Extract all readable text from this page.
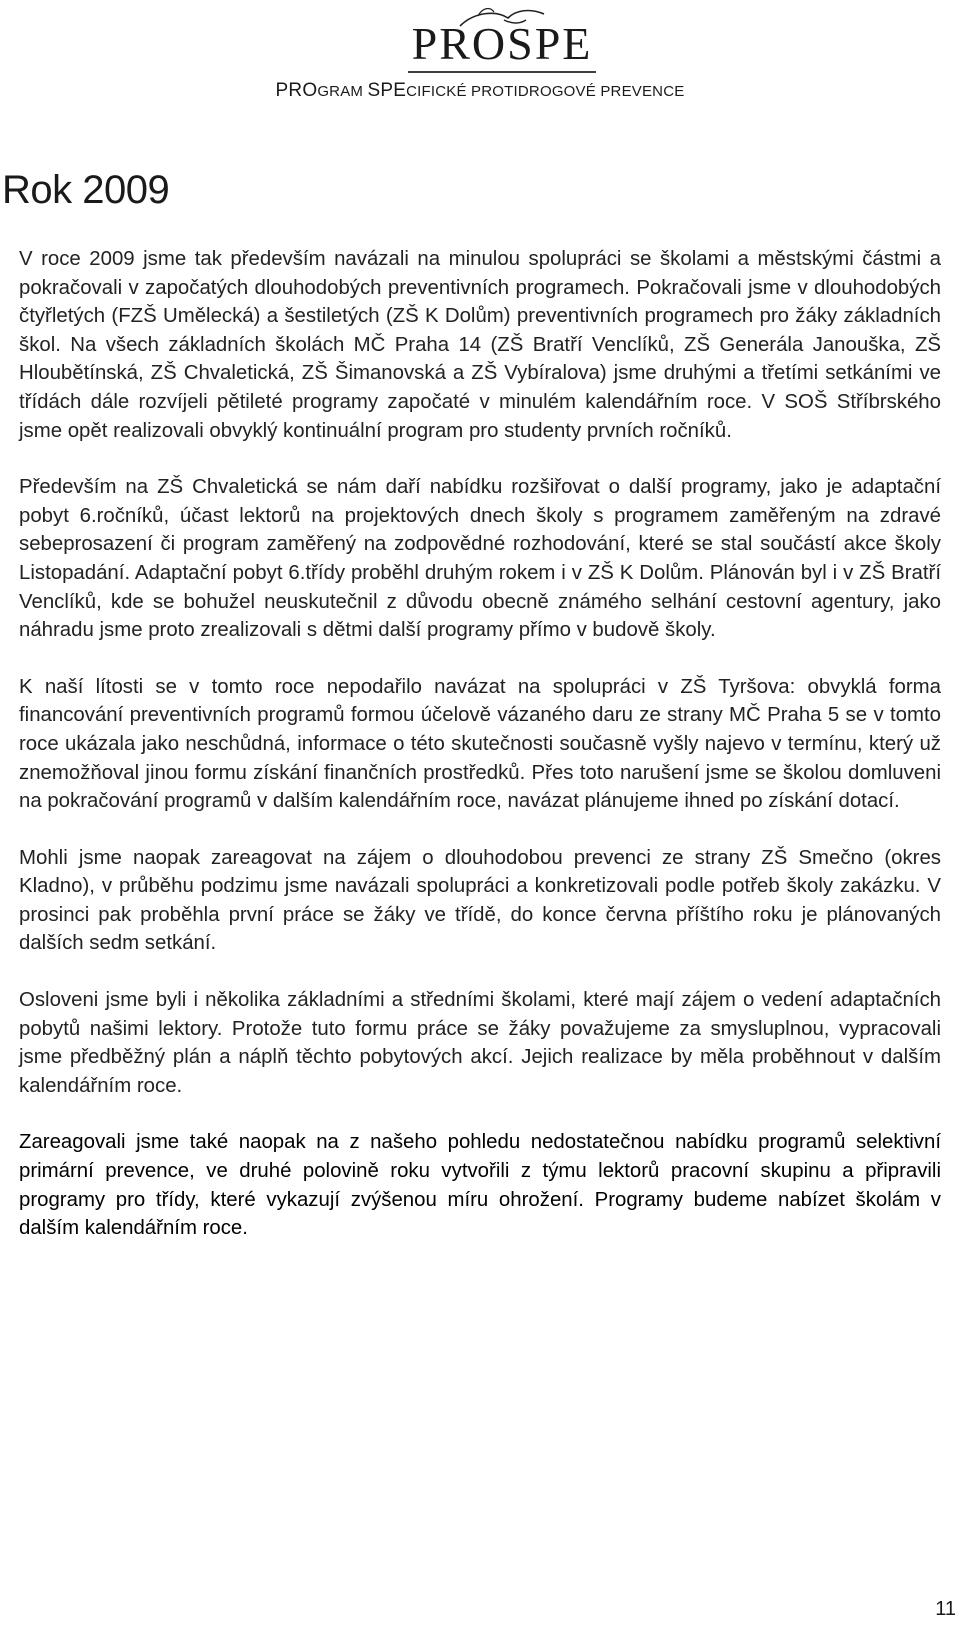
PROSPE
PROGRAM SPECIFICKÉ PROTIDROGOVÉ PREVENCE
Rok 2009

V roce 2009 jsme tak především navázali na minulou spolupráci se školami a městskými částmi a pokračovali v započatých dlouhodobých preventivních programech. Pokračovali jsme v dlouhodobých čtyřletých (FZŠ Umělecká) a šestiletých (ZŠ K Dolům) preventivních programech pro žáky základních škol. Na všech základních školách MČ Praha 14 (ZŠ Bratří Venclíků, ZŠ Generála Janouška, ZŠ Hloubětínská, ZŠ Chvaletická, ZŠ Šimanovská a ZŠ Vybíralova) jsme druhými a třetími setkáními ve třídách dále rozvíjeli pětileté programy započaté v minulém kalendářním roce. V SOŠ Stříbrského jsme opět realizovali obvyklý kontinuální program pro studenty prvních ročníků.

Především na ZŠ Chvaletická se nám daří nabídku rozšiřovat o další programy, jako je adaptační pobyt 6.ročníků, účast lektorů na projektových dnech školy s programem zaměřeným na zdravé sebeprosazení či program zaměřený na zodpovědné rozhodování, které se stal součástí akce školy Listopadání. Adaptační pobyt 6.třídy proběhl druhým rokem i v ZŠ K Dolům. Plánován byl i v ZŠ Bratří Venclíků, kde se bohužel neuskutečnil z důvodu obecně známého selhání cestovní agentury, jako náhradu jsme proto zrealizovali s dětmi další programy přímo v budově školy.

K naší lítosti se v tomto roce nepodařilo navázat na spolupráci v ZŠ Tyršova: obvyklá forma financování preventivních programů formou účelově vázaného daru ze strany MČ Praha 5 se v tomto roce ukázala jako neschůdná, informace o této skutečnosti současně vyšly najevo v termínu, který už znemožňoval jinou formu získání finančních prostředků. Přes toto narušení jsme se školou domluveni na pokračování programů v dalším kalendářním roce, navázat plánujeme ihned po získání dotací.

Mohli jsme naopak zareagovat na zájem o dlouhodobou prevenci ze strany ZŠ Smečno (okres Kladno), v průběhu podzimu jsme navázali spolupráci a konkretizovali podle potřeb školy zakázku. V prosinci pak proběhla první práce se žáky ve třídě, do konce června příštího roku je plánovaných dalších sedm setkání.

Osloveni jsme byli i několika základními a středními školami, které mají zájem o vedení adaptačních pobytů našimi lektory. Protože tuto formu práce se žáky považujeme za smysluplnou, vypracovali jsme předběžný plán a náplň těchto pobytových akcí. Jejich realizace by měla proběhnout v dalším kalendářním roce.

Zareagovali jsme také naopak na z našeho pohledu nedostatečnou nabídku programů selektivní primární prevence, ve druhé polovině roku vytvořili z týmu lektorů pracovní skupinu a připravili programy pro třídy, které vykazují zvýšenou míru ohrožení. Programy budeme nabízet školám v dalším kalendářním roce.

11
